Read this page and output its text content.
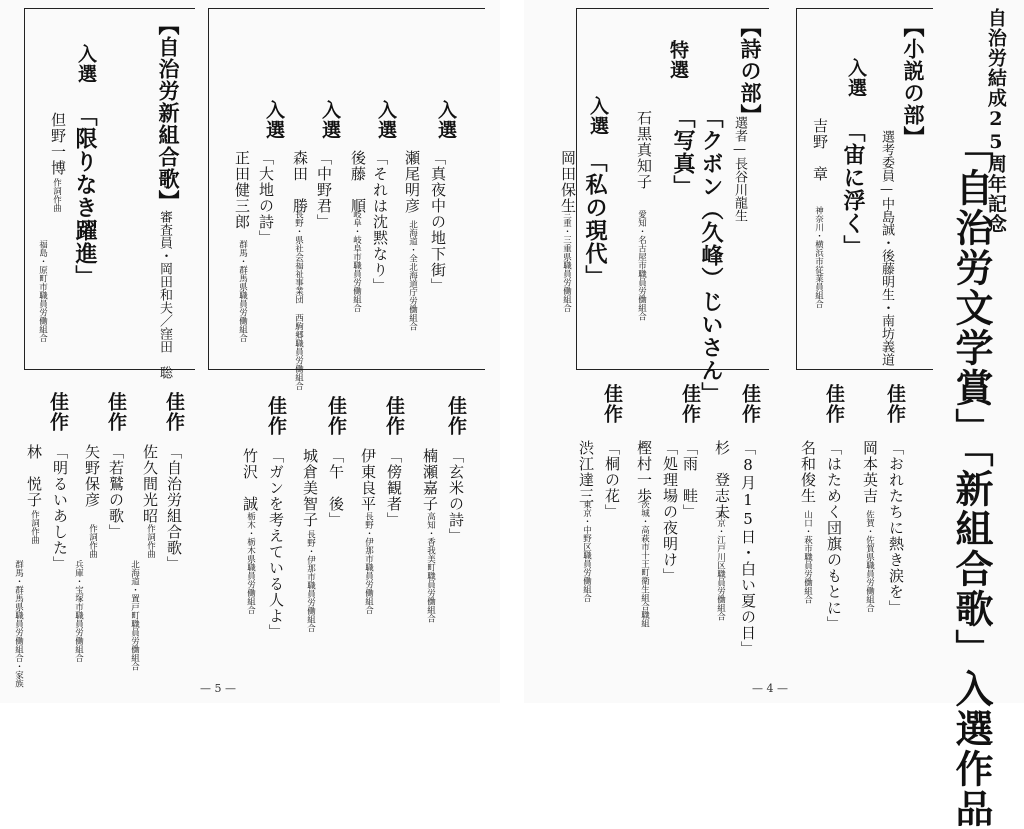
自治労結成25周年記念
「自治労文学賞」「新組合歌」入選作品
【小説の部】
選考委員—中島誠・後藤明生・南坊義道
入選
「宙に浮く」
吉野　章
神奈川・横浜市従業員組合
【詩の部】
選者—長谷川龍生
特選
「クボン（久峰）じいさん」
「写真」
石黒真知子
愛知・名古屋市職員労働組合
入選
「私の現代」
岡田保生
三重・三重県職員労働組合
佳作
「おれたちに熱き涙を」
岡本英吉
佐賀・佐賀県職員労働組合
佳作
「はためく団旗のもとに」
名和俊生
山口・萩市職員労働組合
佳作
「8月15日・白い夏の日」
杉　登志夫
東京・江戸川区職員労働組合
佳作
「雨　畦」
「処理場の夜明け」
樫村一歩
茨城・高萩市十王町衛生組合職組
佳作
「桐の花」
渋江達三
東京・中野区職員労働組合
— 4 —
【自治労新組合歌】
審査員・岡田和夫／窪田　聡
入選
「限りなき躍進」
但野一博
作詞作曲
福島・原町市職員労働組合
入選
「真夜中の地下街」
瀬尾明彦
北海道・全北海道庁労働組合
入選
「それは沈黙なり」
後藤　順
岐阜・岐阜市職員労働組合
入選
「中野君」
森田　勝
長野・県社会福祉事業団 西駒郷職員労働組合
入選
「大地の詩」
正田健三郎
群馬・群馬県職員労働組合
佳作
「玄米の詩」
楠瀬嘉子
高知・香我美町職員労働組合
佳作
「傍観者」
伊東良平
長野・伊那市職員労働組合
佳作
「午　後」
城倉美智子
長野・伊那市職員労働組合
佳作
「ガンを考えている人よ」
竹沢　誠
栃木・栃木県職員労働組合
佳作
「自治労組合歌」
佐久間光昭
作詞作曲
北海道・置戸町職員労働組合
佳作
「若鷲の歌」
矢野保彦
作詞作曲
兵庫・宝塚市職員労働組合
佳作
「明るいあした」
林　悦子
作詞作曲
群馬・群馬県職員労働組合・家族
— 5 —
